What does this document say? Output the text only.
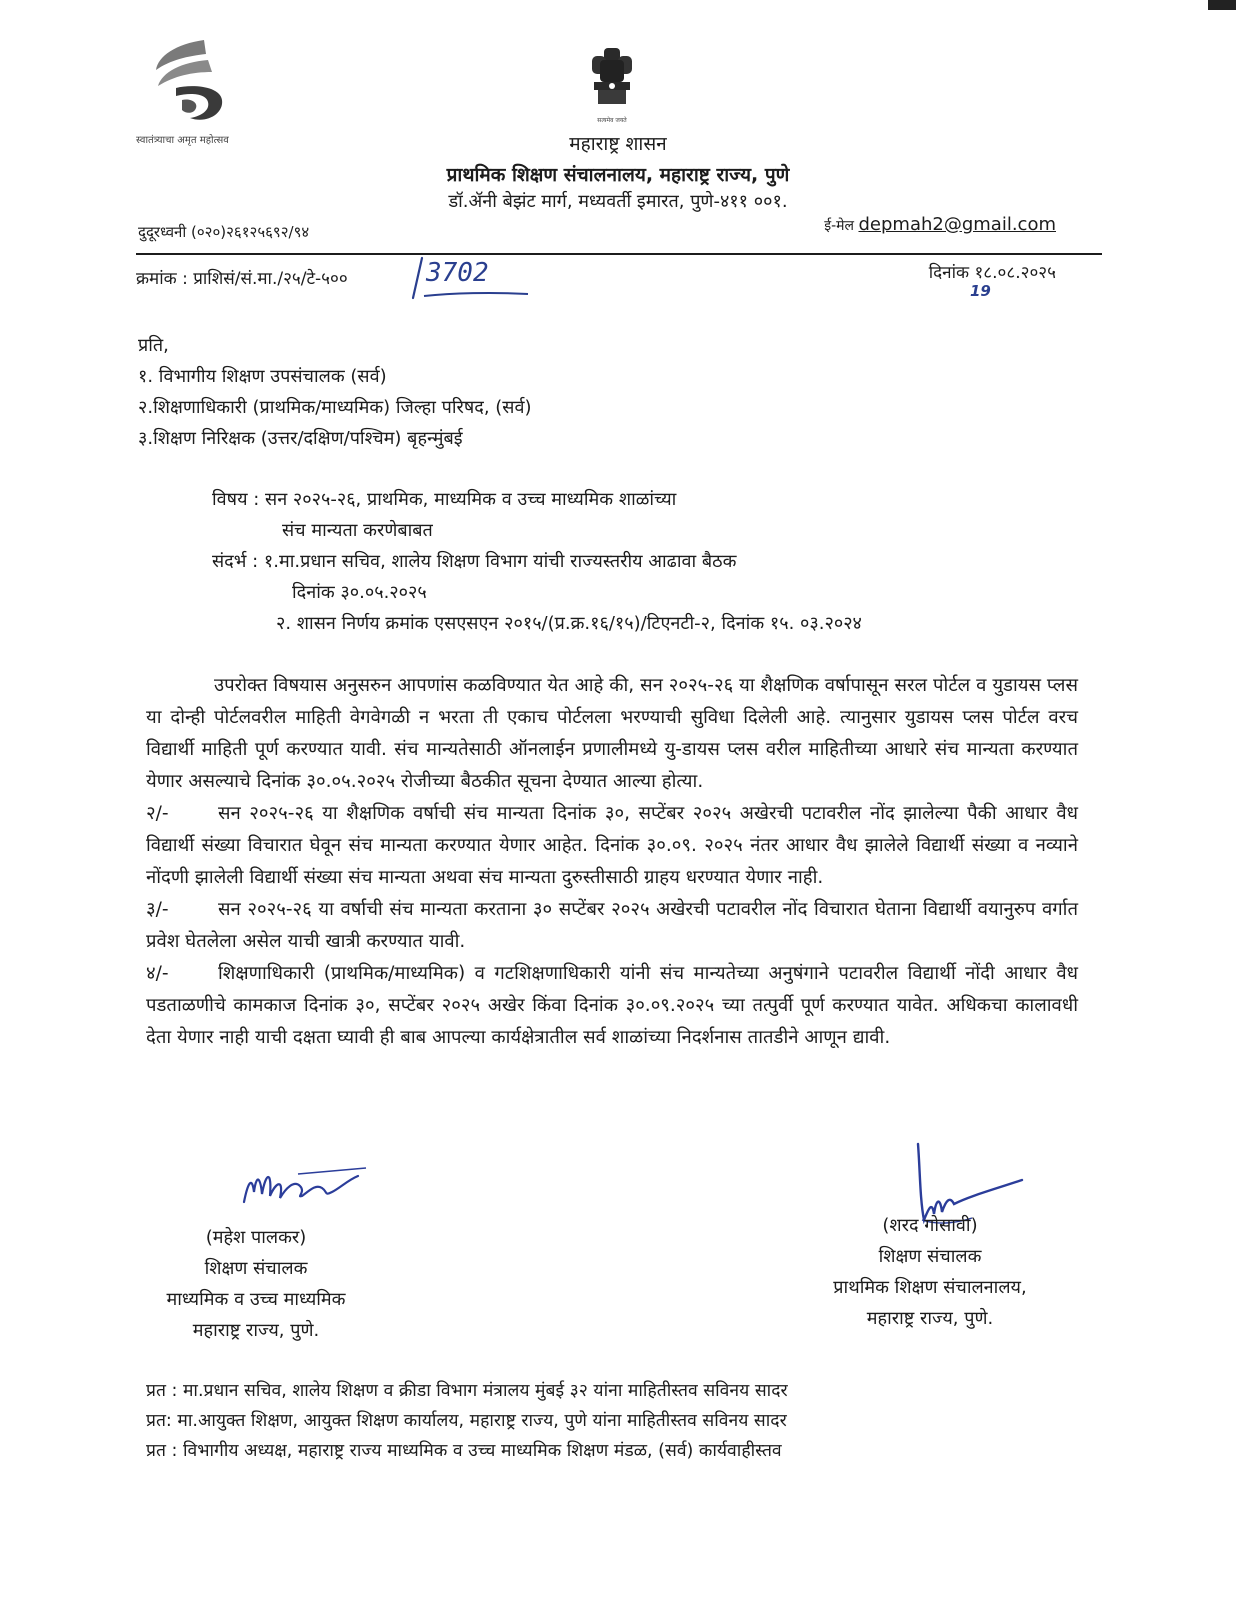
स्वातंत्र्याचा अमृत महोत्सव
सत्यमेव जयते
महाराष्ट्र शासन
प्राथमिक शिक्षण संचालनालय, महाराष्ट्र राज्य, पुणे
डॉ.ॲनी बेझंट मार्ग, मध्यवर्ती इमारत, पुणे-४११ ००१.
ई-मेल depmah2@gmail.com
दुदूरध्वनी (०२०)२६१२५६९२/९४
क्रमांक : प्राशिसं/सं.मा./२५/टे-५००	3702	दिनांक १८.०८.२०२५
19
प्रति,
१. विभागीय शिक्षण उपसंचालक (सर्व)
२.शिक्षणाधिकारी (प्राथमिक/माध्यमिक) जिल्हा परिषद, (सर्व)
३.शिक्षण निरिक्षक (उत्तर/दक्षिण/पश्चिम) बृहन्मुंबई
विषय : सन २०२५-२६, प्राथमिक, माध्यमिक व उच्च माध्यमिक शाळांच्या
संच मान्यता करणेबाबत
संदर्भ : १.मा.प्रधान सचिव, शालेय शिक्षण विभाग यांची राज्यस्तरीय आढावा बैठक
दिनांक ३०.०५.२०२५
२. शासन निर्णय क्रमांक एसएसएन २०१५/(प्र.क्र.१६/१५)/टिएनटी-२, दिनांक १५. ०३.२०२४

उपरोक्त विषयास अनुसरुन आपणांस कळविण्यात येत आहे की, सन २०२५-२६ या शैक्षणिक वर्षापासून सरल पोर्टल व युडायस प्लस या दोन्ही पोर्टलवरील माहिती वेगवेगळी न भरता ती एकाच पोर्टलला भरण्याची सुविधा दिलेली आहे. त्यानुसार युडायस प्लस पोर्टल वरच विद्यार्थी माहिती पूर्ण करण्यात यावी. संच मान्यतेसाठी ऑनलाईन प्रणालीमध्ये यु-डायस प्लस वरील माहितीच्या आधारे संच मान्यता करण्यात येणार असल्याचे दिनांक ३०.०५.२०२५ रोजीच्या बैठकीत सूचना देण्यात आल्या होत्या.

२/-	सन २०२५-२६ या शैक्षणिक वर्षाची संच मान्यता दिनांक ३०, सप्टेंबर २०२५ अखेरची पटावरील नोंद झालेल्या पैकी आधार वैध विद्यार्थी संख्या विचारात घेवून संच मान्यता करण्यात येणार आहेत. दिनांक ३०.०९. २०२५ नंतर आधार वैध झालेले विद्यार्थी संख्या व नव्याने नोंदणी झालेली विद्यार्थी संख्या संच मान्यता अथवा संच मान्यता दुरुस्तीसाठी ग्राहय धरण्यात येणार नाही.

३/-	सन २०२५-२६ या वर्षाची संच मान्यता करताना ३० सप्टेंबर २०२५ अखेरची पटावरील नोंद विचारात घेताना विद्यार्थी वयानुरुप वर्गात प्रवेश घेतलेला असेल याची खात्री करण्यात यावी.

४/-	शिक्षणाधिकारी (प्राथमिक/माध्यमिक) व गटशिक्षणाधिकारी यांनी संच मान्यतेच्या अनुषंगाने पटावरील विद्यार्थी नोंदी आधार वैध पडताळणीचे कामकाज दिनांक ३०, सप्टेंबर २०२५ अखेर किंवा दिनांक ३०.०९.२०२५ च्या तत्पुर्वी पूर्ण करण्यात यावेत. अधिकचा कालावधी देता येणार नाही याची दक्षता घ्यावी ही बाब आपल्या कार्यक्षेत्रातील सर्व शाळांच्या निदर्शनास तातडीने आणून द्यावी.

(महेश पालकर)
शिक्षण संचालक
माध्यमिक व उच्च माध्यमिक
महाराष्ट्र राज्य, पुणे.
(शरद गोसावी)
शिक्षण संचालक
प्राथमिक शिक्षण संचालनालय,
महाराष्ट्र राज्य, पुणे.
प्रत : मा.प्रधान सचिव, शालेय शिक्षण व क्रीडा विभाग मंत्रालय मुंबई ३२ यांना माहितीस्तव सविनय सादर
प्रत: मा.आयुक्त शिक्षण, आयुक्त शिक्षण कार्यालय, महाराष्ट्र राज्य, पुणे यांना माहितीस्तव सविनय सादर
प्रत : विभागीय अध्यक्ष, महाराष्ट्र राज्य माध्यमिक व उच्च माध्यमिक शिक्षण मंडळ, (सर्व) कार्यवाहीस्तव
